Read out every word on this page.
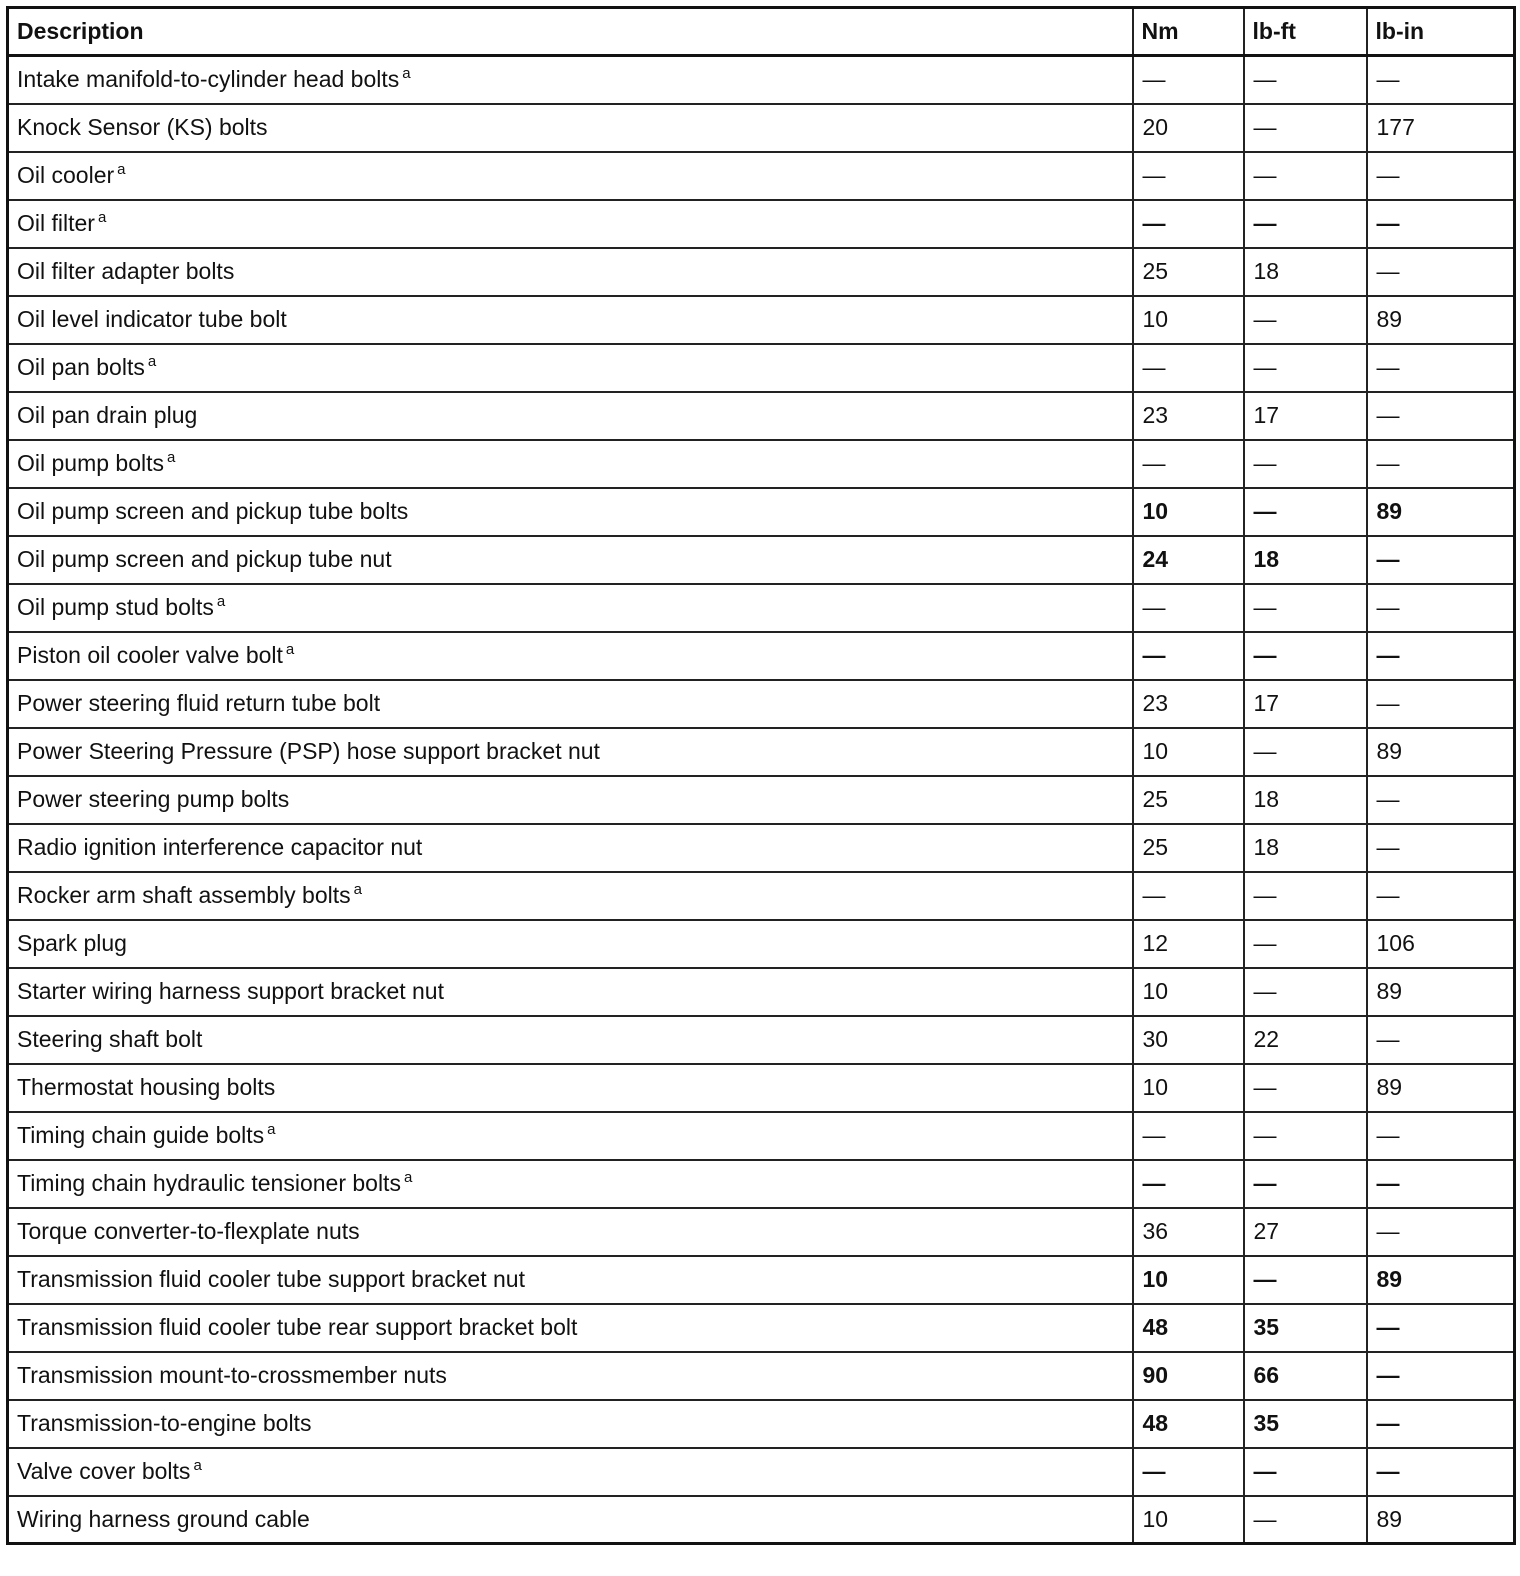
Description	Nm	lb-ft	lb-in
Intake manifold-to-cylinder head bolts $^a$	—	—	—
Knock Sensor (KS) bolts	20	—	177
Oil cooler $^a$	—	—	—
Oil filter $^a$	—	—	—
Oil filter adapter bolts	25	18	—
Oil level indicator tube bolt	10	—	89
Oil pan bolts $^a$	—	—	—
Oil pan drain plug	23	17	—
Oil pump bolts $^a$	—	—	—
Oil pump screen and pickup tube bolts	10	—	89
Oil pump screen and pickup tube nut	24	18	—
Oil pump stud bolts $^a$	—	—	—
Piston oil cooler valve bolt $^a$	—	—	—
Power steering fluid return tube bolt	23	17	—
Power Steering Pressure (PSP) hose support bracket nut	10	—	89
Power steering pump bolts	25	18	—
Radio ignition interference capacitor nut	25	18	—
Rocker arm shaft assembly bolts $^a$	—	—	—
Spark plug	12	—	106
Starter wiring harness support bracket nut	10	—	89
Steering shaft bolt	30	22	—
Thermostat housing bolts	10	—	89
Timing chain guide bolts $^a$	—	—	—
Timing chain hydraulic tensioner bolts $^a$	—	—	—
Torque converter-to-flexplate nuts	36	27	—
Transmission fluid cooler tube support bracket nut	10	—	89
Transmission fluid cooler tube rear support bracket bolt	48	35	—
Transmission mount-to-crossmember nuts	90	66	—
Transmission-to-engine bolts	48	35	—
Valve cover bolts $^a$	—	—	—
Wiring harness ground cable	10	—	89
